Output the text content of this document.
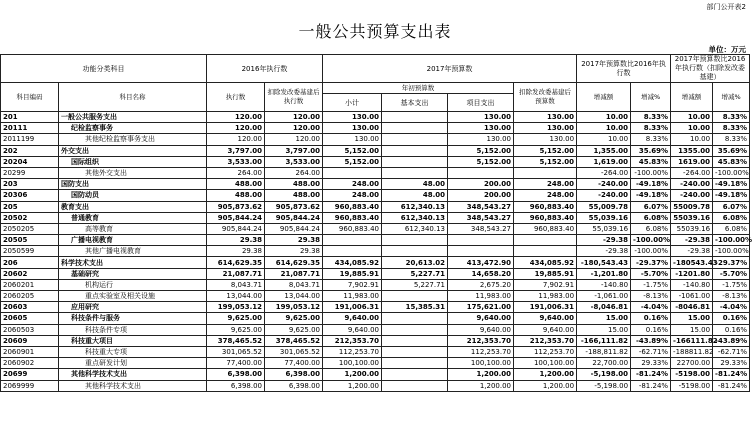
部门公开表2
一般公共预算支出表
单位：万元
功能分类科目		2016年执行数		2017年预算数				2017年预算数比2016年执行数		2017年预算数比2016年执行数（扣除发改委基建）	
科目编码	科目名称	执行数	扣除发改委基建后执行数	年初预算数			扣除发改委基建后预算数	增减额	增减%	增减额	增减%
				小计	基本支出	项目支出					
201	一般公共服务支出	120.00	120.00	130.00		130.00	130.00	10.00	8.33%	10.00	8.33%
20111	纪检监察事务	120.00	120.00	130.00		130.00	130.00	10.00	8.33%	10.00	8.33%
2011199	其他纪检监察事务支出	120.00	120.00	130.00		130.00	130.00	10.00	8.33%	10.00	8.33%
202	外交支出	3,797.00	3,797.00	5,152.00		5,152.00	5,152.00	1,355.00	35.69%	1355.00	35.69%
20204	国际组织	3,533.00	3,533.00	5,152.00		5,152.00	5,152.00	1,619.00	45.83%	1619.00	45.83%
20299	其他外交支出	264.00	264.00					-264.00	-100.00%	-264.00	-100.00%
203	国防支出	488.00	488.00	248.00	48.00	200.00	248.00	-240.00	-49.18%	-240.00	-49.18%
20306	国防动员	488.00	488.00	248.00	48.00	200.00	248.00	-240.00	-49.18%	-240.00	-49.18%
205	教育支出	905,873.62	905,873.62	960,883.40	612,340.13	348,543.27	960,883.40	55,009.78	6.07%	55009.78	6.07%
20502	普通教育	905,844.24	905,844.24	960,883.40	612,340.13	348,543.27	960,883.40	55,039.16	6.08%	55039.16	6.08%
2050205	高等教育	905,844.24	905,844.24	960,883.40	612,340.13	348,543.27	960,883.40	55,039.16	6.08%	55039.16	6.08%
20505	广播电视教育	29.38	29.38					-29.38	-100.00%	-29.38	-100.00%
2050599	其他广播电视教育	29.38	29.38					-29.38	-100.00%	-29.38	-100.00%
206	科学技术支出	614,629.35	614,629.35	434,085.92	20,613.02	413,472.90	434,085.92	-180,543.43	-29.37%	-180543.43	-29.37%
20602	基础研究	21,087.71	21,087.71	19,885.91	5,227.71	14,658.20	19,885.91	-1,201.80	-5.70%	-1201.80	-5.70%
2060201	机构运行	8,043.71	8,043.71	7,902.91	5,227.71	2,675.20	7,902.91	-140.80	-1.75%	-140.80	-1.75%
2060205	重点实验室及相关设施	13,044.00	13,044.00	11,983.00		11,983.00	11,983.00	-1,061.00	-8.13%	-1061.00	-8.13%
20603	应用研究	199,053.12	199,053.12	191,006.31	15,385.31	175,621.00	191,006.31	-8,046.81	-4.04%	-8046.81	-4.04%
20605	科技条件与服务	9,625.00	9,625.00	9,640.00		9,640.00	9,640.00	15.00	0.16%	15.00	0.16%
2060503	科技条件专项	9,625.00	9,625.00	9,640.00		9,640.00	9,640.00	15.00	0.16%	15.00	0.16%
20609	科技重大项目	378,465.52	378,465.52	212,353.70		212,353.70	212,353.70	-166,111.82	-43.89%	-166111.82	-43.89%
2060901	科技重大专项	301,065.52	301,065.52	112,253.70		112,253.70	112,253.70	-188,811.82	-62.71%	-188811.82	-62.71%
2060902	重点研发计划	77,400.00	77,400.00	100,100.00		100,100.00	100,100.00	22,700.00	29.33%	22700.00	29.33%
20699	其他科学技术支出	6,398.00	6,398.00	1,200.00		1,200.00	1,200.00	-5,198.00	-81.24%	-5198.00	-81.24%
2069999	其他科学技术支出	6,398.00	6,398.00	1,200.00		1,200.00	1,200.00	-5,198.00	-81.24%	-5198.00	-81.24%
